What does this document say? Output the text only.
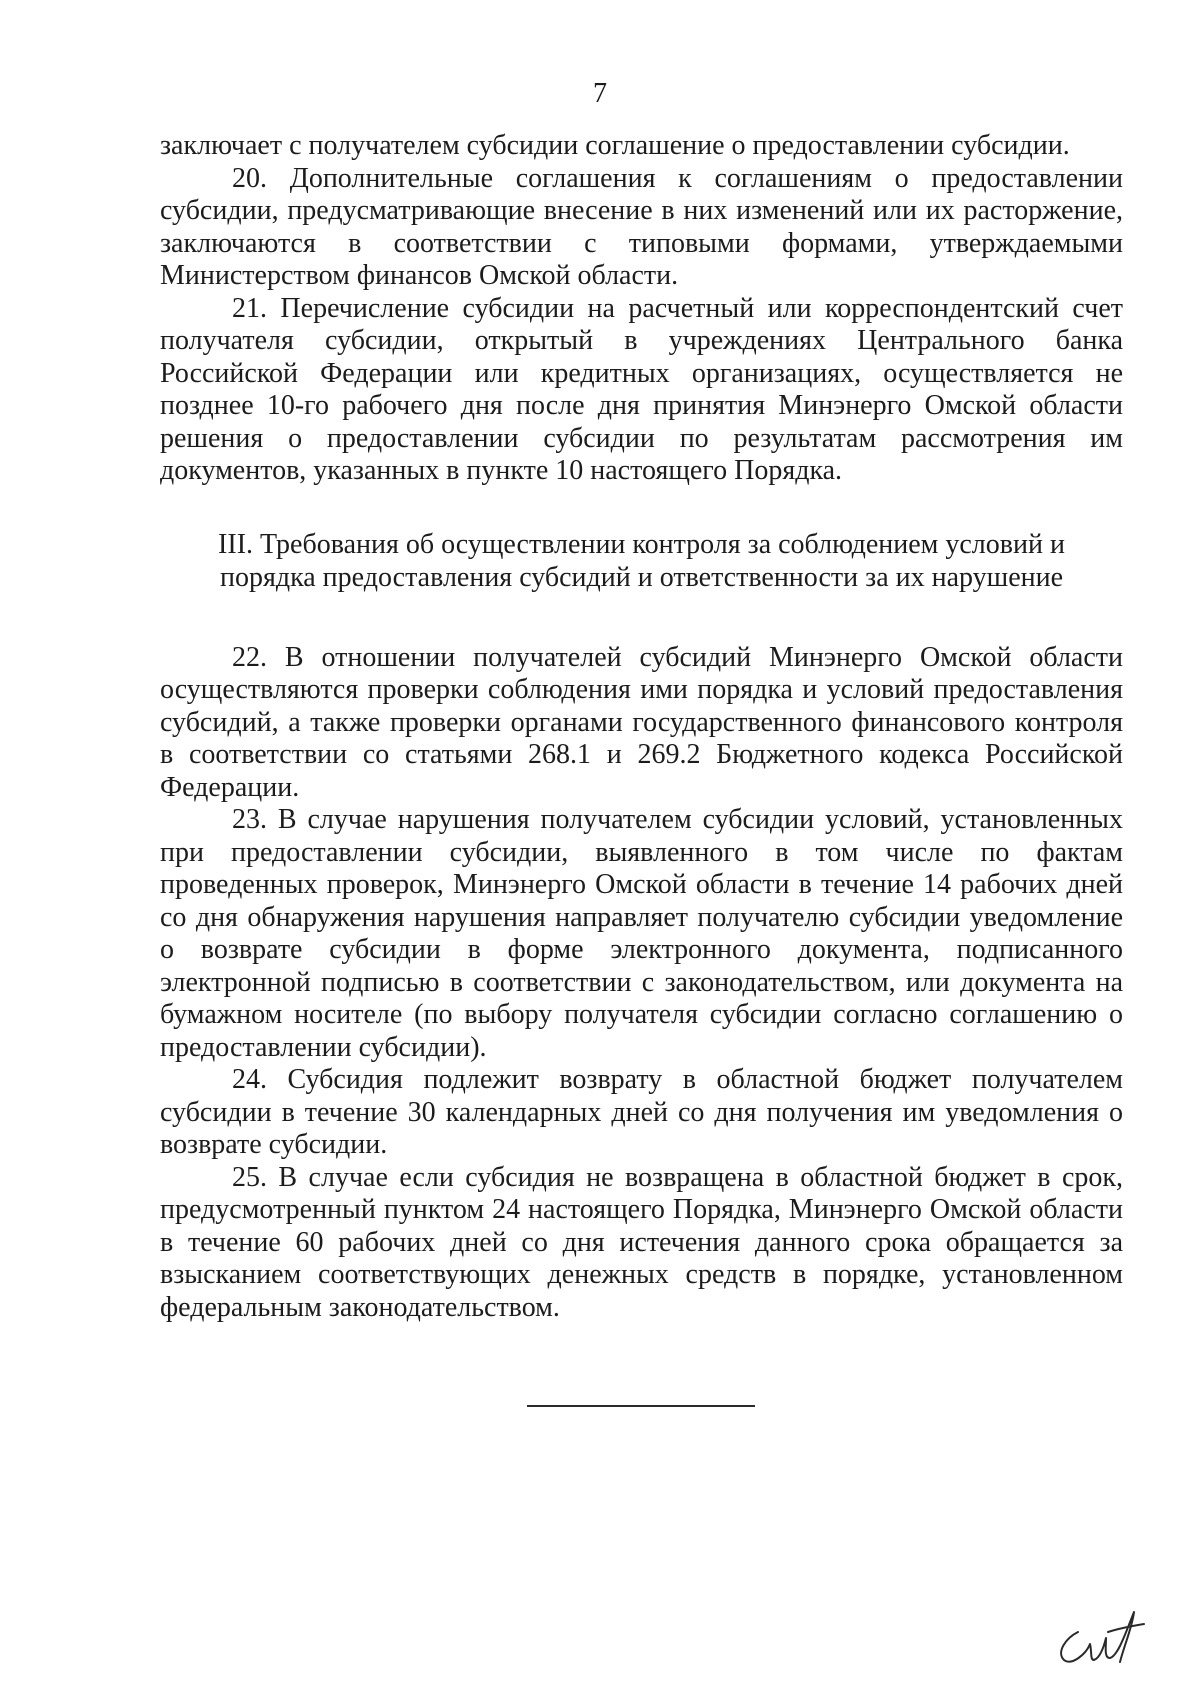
7

заключает с получателем субсидии соглашение о предоставлении субсидии.

20. Дополнительные соглашения к соглашениям о предоставлении субсидии, предусматривающие внесение в них изменений или их расторжение, заключаются в соответствии с типовыми формами, утверждаемыми Министерством финансов Омской области.

21. Перечисление субсидии на расчетный или корреспондентский счет получателя субсидии, открытый в учреждениях Центрального банка Российской Федерации или кредитных организациях, осуществляется не позднее 10-го рабочего дня после дня принятия Минэнерго Омской области решения о предоставлении субсидии по результатам рассмотрения им документов, указанных в пункте 10 настоящего Порядка.

III. Требования об осуществлении контроля за соблюдением условий и
порядка предоставления субсидий и ответственности за их нарушение

22. В отношении получателей субсидий Минэнерго Омской области осуществляются проверки соблюдения ими порядка и условий предоставления субсидий, а также проверки органами государственного финансового контроля в соответствии со статьями 268.1 и 269.2 Бюджетного кодекса Российской Федерации.

23. В случае нарушения получателем субсидии условий, установленных при предоставлении субсидии, выявленного в том числе по фактам проведенных проверок, Минэнерго Омской области в течение 14 рабочих дней со дня обнаружения нарушения направляет получателю субсидии уведомление о возврате субсидии в форме электронного документа, подписанного электронной подписью в соответствии с законодательством, или документа на бумажном носителе (по выбору получателя субсидии согласно соглашению о предоставлении субсидии).

24. Субсидия подлежит возврату в областной бюджет получателем субсидии в течение 30 календарных дней со дня получения им уведомления о возврате субсидии.

25. В случае если субсидия не возвращена в областной бюджет в срок, предусмотренный пунктом 24 настоящего Порядка, Минэнерго Омской области в течение 60 рабочих дней со дня истечения данного срока обращается за взысканием соответствующих денежных средств в порядке, установленном федеральным законодательством.
